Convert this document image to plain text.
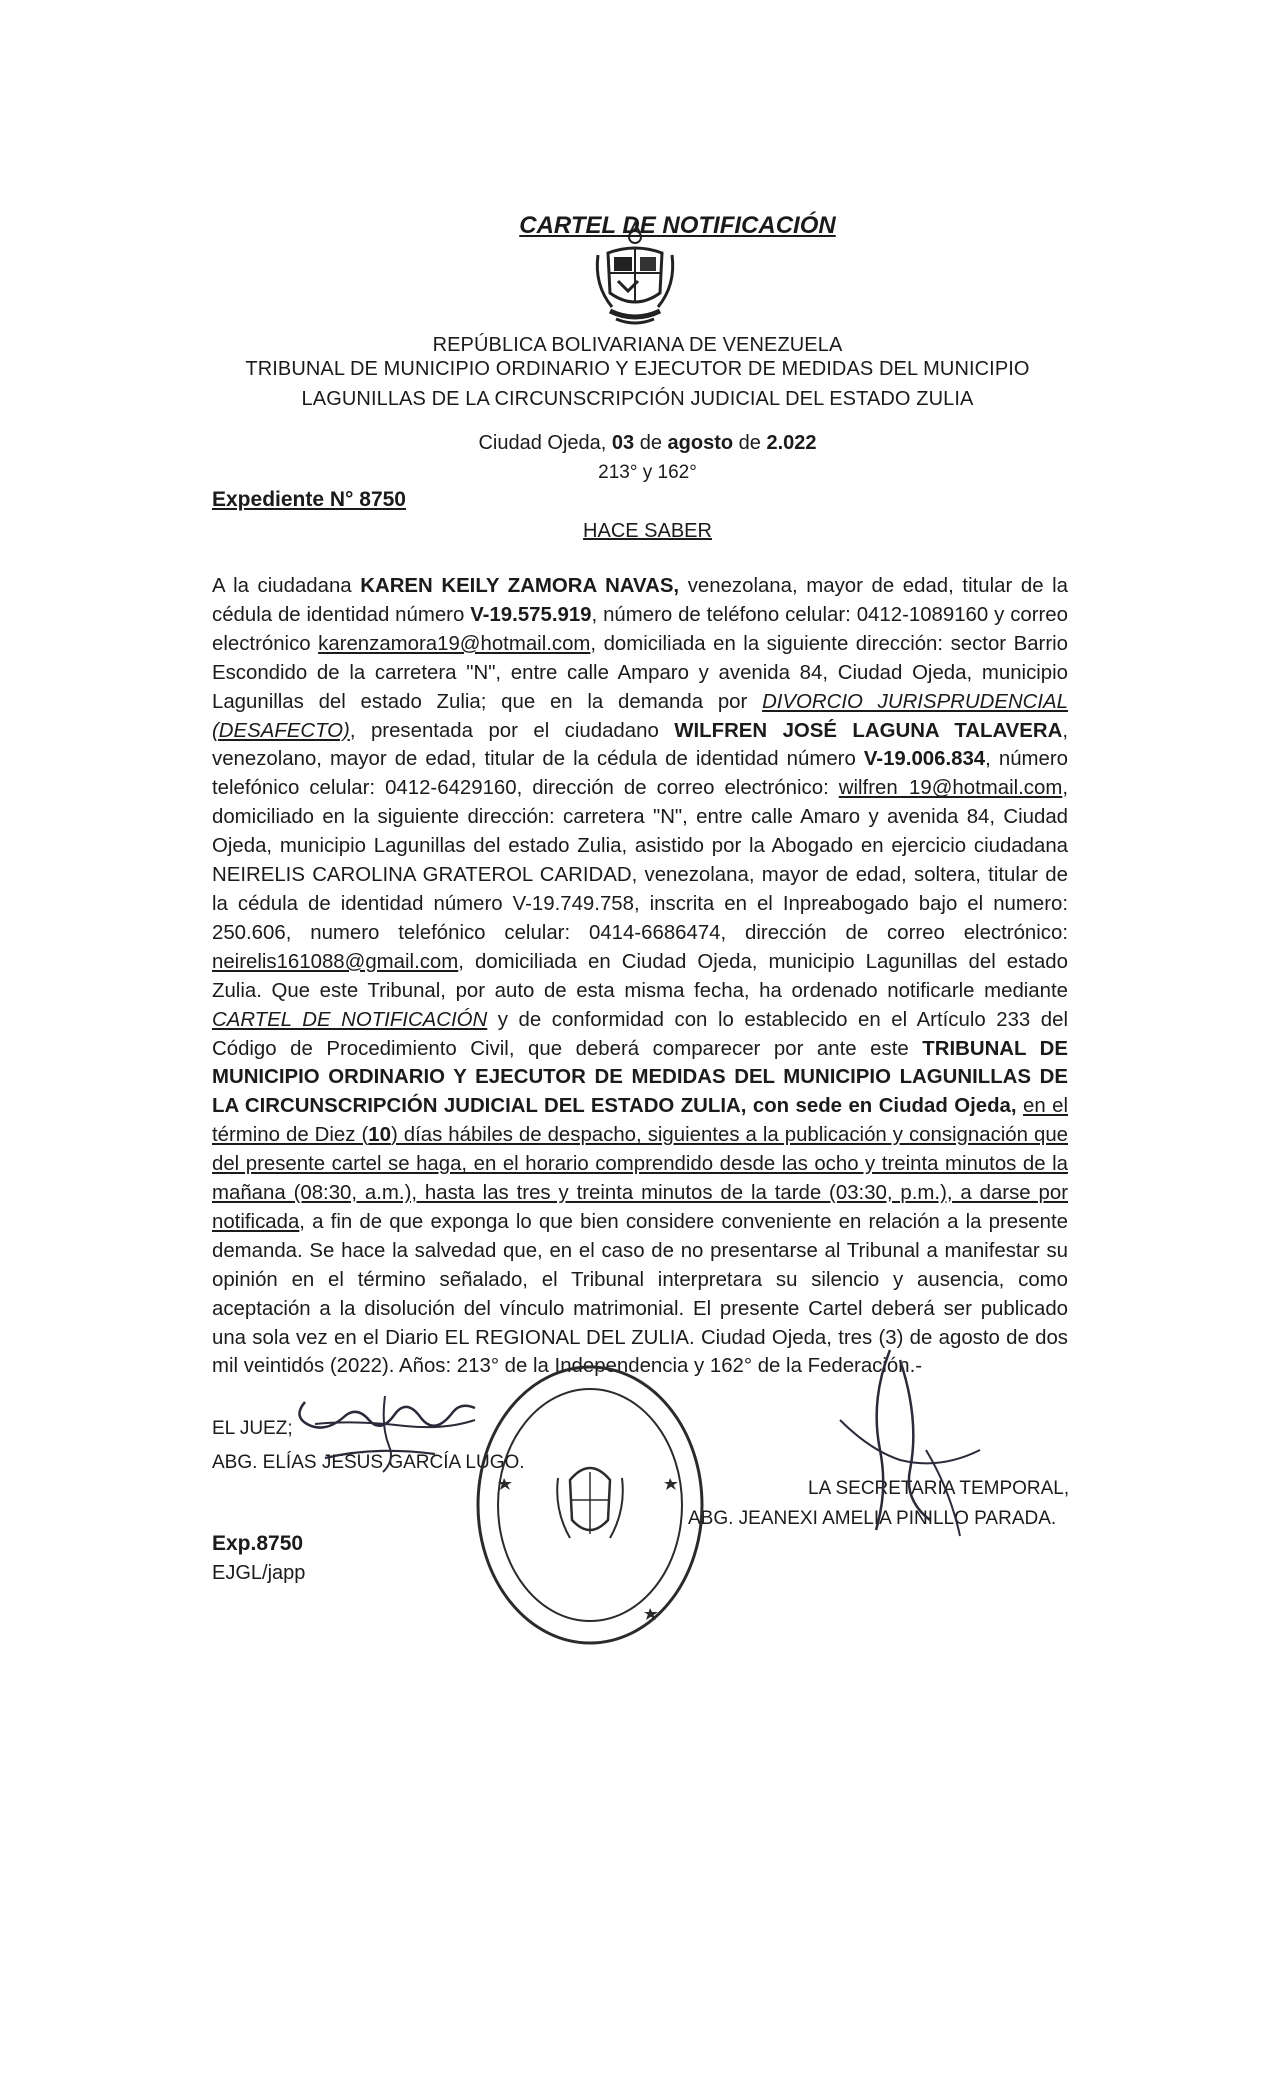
CARTEL DE NOTIFICACIÓN
REPÚBLICA BOLIVARIANA DE VENEZUELA
TRIBUNAL DE MUNICIPIO ORDINARIO Y EJECUTOR DE MEDIDAS DEL MUNICIPIO
LAGUNILLAS DE LA CIRCUNSCRIPCIÓN JUDICIAL DEL ESTADO ZULIA
Ciudad Ojeda, 03 de agosto de 2.022
213° y 162°
Expediente N° 8750
HACE SABER
A la ciudadana KAREN KEILY ZAMORA NAVAS, venezolana, mayor de edad, titular de la cédula de identidad número V-19.575.919, número de teléfono celular: 0412-1089160 y correo electrónico karenzamora19@hotmail.com, domiciliada en la siguiente dirección: sector Barrio Escondido de la carretera "N", entre calle Amparo y avenida 84, Ciudad Ojeda, municipio Lagunillas del estado Zulia; que en la demanda por DIVORCIO JURISPRUDENCIAL (DESAFECTO), presentada por el ciudadano WILFREN JOSÉ LAGUNA TALAVERA, venezolano, mayor de edad, titular de la cédula de identidad número V-19.006.834, número telefónico celular: 0412-6429160, dirección de correo electrónico: wilfren_19@hotmail.com, domiciliado en la siguiente dirección: carretera "N", entre calle Amaro y avenida 84, Ciudad Ojeda, municipio Lagunillas del estado Zulia, asistido por la Abogado en ejercicio ciudadana NEIRELIS CAROLINA GRATEROL CARIDAD, venezolana, mayor de edad, soltera, titular de la cédula de identidad número V-19.749.758, inscrita en el Inpreabogado bajo el numero: 250.606, numero telefónico celular: 0414-6686474, dirección de correo electrónico: neirelis161088@gmail.com, domiciliada en Ciudad Ojeda, municipio Lagunillas del estado Zulia. Que este Tribunal, por auto de esta misma fecha, ha ordenado notificarle mediante CARTEL DE NOTIFICACIÓN y de conformidad con lo establecido en el Artículo 233 del Código de Procedimiento Civil, que deberá comparecer por ante este TRIBUNAL DE MUNICIPIO ORDINARIO Y EJECUTOR DE MEDIDAS DEL MUNICIPIO LAGUNILLAS DE LA CIRCUNSCRIPCIÓN JUDICIAL DEL ESTADO ZULIA, con sede en Ciudad Ojeda, en el término de Diez (10) días hábiles de despacho, siguientes a la publicación y consignación que del presente cartel se haga, en el horario comprendido desde las ocho y treinta minutos de la mañana (08:30, a.m.), hasta las tres y treinta minutos de la tarde (03:30, p.m.), a darse por notificada, a fin de que exponga lo que bien considere conveniente en relación a la presente demanda. Se hace la salvedad que, en el caso de no presentarse al Tribunal a manifestar su opinión en el término señalado, el Tribunal interpretara su silencio y ausencia, como aceptación a la disolución del vínculo matrimonial. El presente Cartel deberá ser publicado una sola vez en el Diario EL REGIONAL DEL ZULIA. Ciudad Ojeda, tres (3) de agosto de dos mil veintidós (2022). Años: 213° de la Independencia y 162° de la Federación.-
EL JUEZ;
ABG. ELÍAS JESÚS GARCÍA LUGO.
LA SECRETARIA TEMPORAL,
ABG. JEANEXI AMELIA PINILLO PARADA.
Exp.8750
EJGL/japp
